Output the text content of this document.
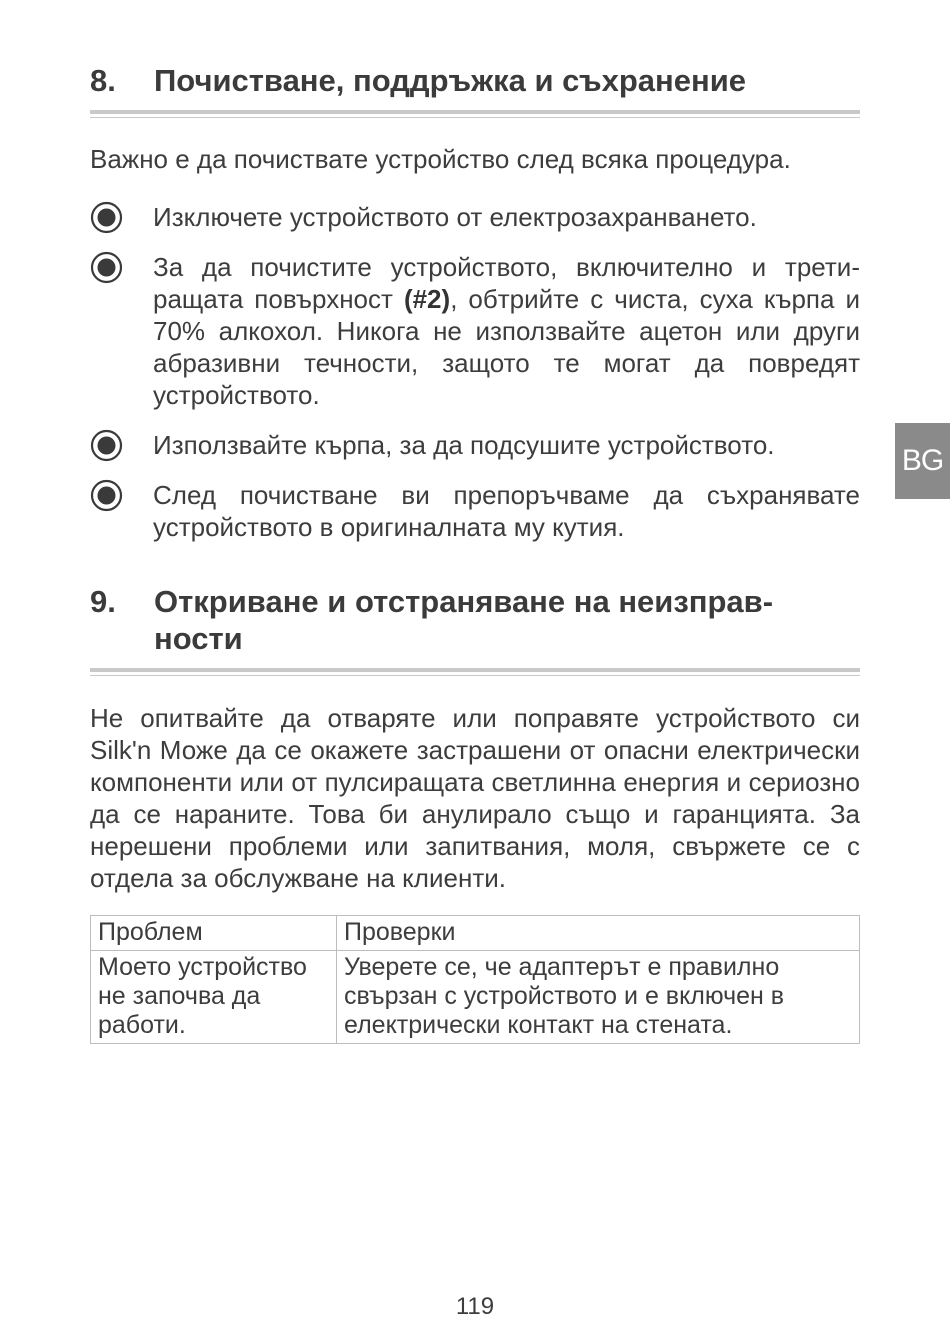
8. Почистване, поддръжка и съхранение

Важно е да почиствате устройство след всяка процедура.

Изключете устройството от електрозахранването.
За да почистите устройството, включително и трети-ращата повърхност (#2), обтрийте с чиста, суха кърпа и 70% алкохол. Никога не използвайте ацетон или други абразивни течности, защото те могат да повредят устройството.
Използвайте кърпа, за да подсушите устройството.
След почистване ви препоръчваме да съхранявате устройството в оригиналната му кутия.
BG
9. Откриване и отстраняване на неизправ-
ности

Не опитвайте да отваряте или поправяте устройството си Silk'n Може да се окажете застрашени от опасни електрически компоненти или от пулсиращата светлинна енергия и сериозно да се нараните. Това би анулирало също и гаранцията. За нерешени проблеми или запитвания, моля, свържете се с отдела за обслужване на клиенти.

Проблем	Проверки
Моето устройство не започва да работи.	Уверете се, че адаптерът е правилно свързан с устройството и е включен в електрически контакт на стената.
119
